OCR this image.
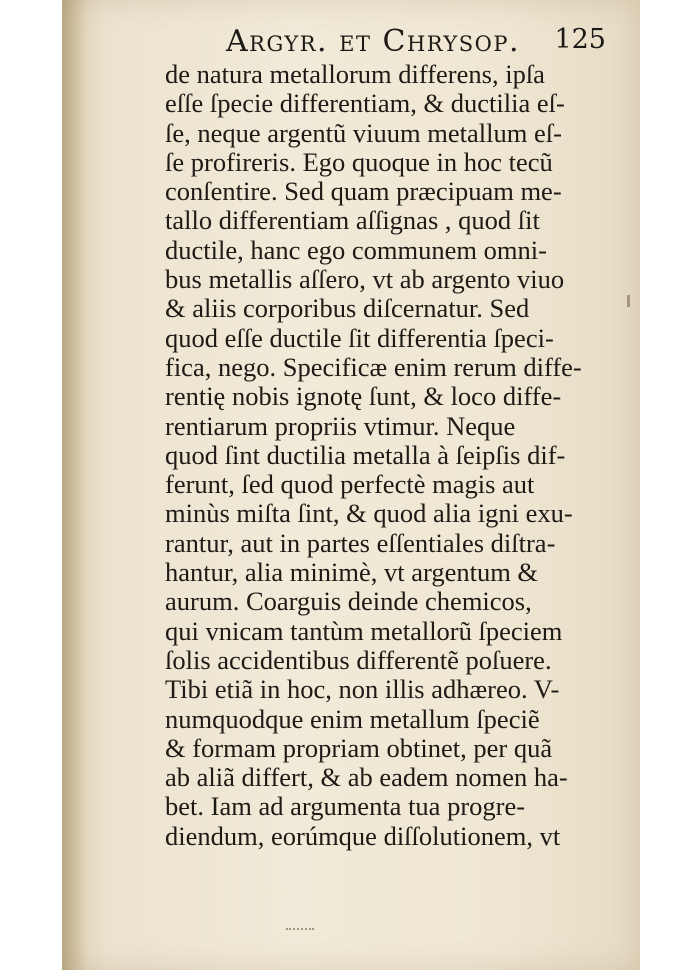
Argyr. et Chrysop. 125
de natura metallorum differens, ipſa
eſſe ſpecie differentiam, & ductilia eſ-
ſe, neque argentũ viuum metallum eſ-
ſe profireris. Ego quoque in hoc tecũ
conſentire. Sed quam præcipuam me-
tallo differentiam aſſignas , quod ſit
ductile, hanc ego communem omni-
bus metallis aſſero, vt ab argento viuo
& aliis corporibus diſcernatur. Sed
quod eſſe ductile ſit differentia ſpeci-
fica, nego. Specificæ enim rerum diffe-
rentię nobis ignotę ſunt, & loco diffe-
rentiarum propriis vtimur. Neque
quod ſint ductilia metalla à ſeipſis dif-
ferunt, ſed quod perfectè magis aut
minùs miſta ſint, & quod alia igni exu-
rantur, aut in partes eſſentiales diſtra-
hantur, alia minimè, vt argentum &
aurum. Coarguis deinde chemicos,
qui vnicam tantùm metallorũ ſpeciem
ſolis accidentibus differentẽ poſuere.
Tibi etiã in hoc, non illis adhæreo. V-
numquodque enim metallum ſpeciẽ
& formam propriam obtinet, per quã
ab aliã differt, & ab eadem nomen ha-
bet. Iam ad argumenta tua progre-
diendum, eorúmque diſſolutionem, vt
